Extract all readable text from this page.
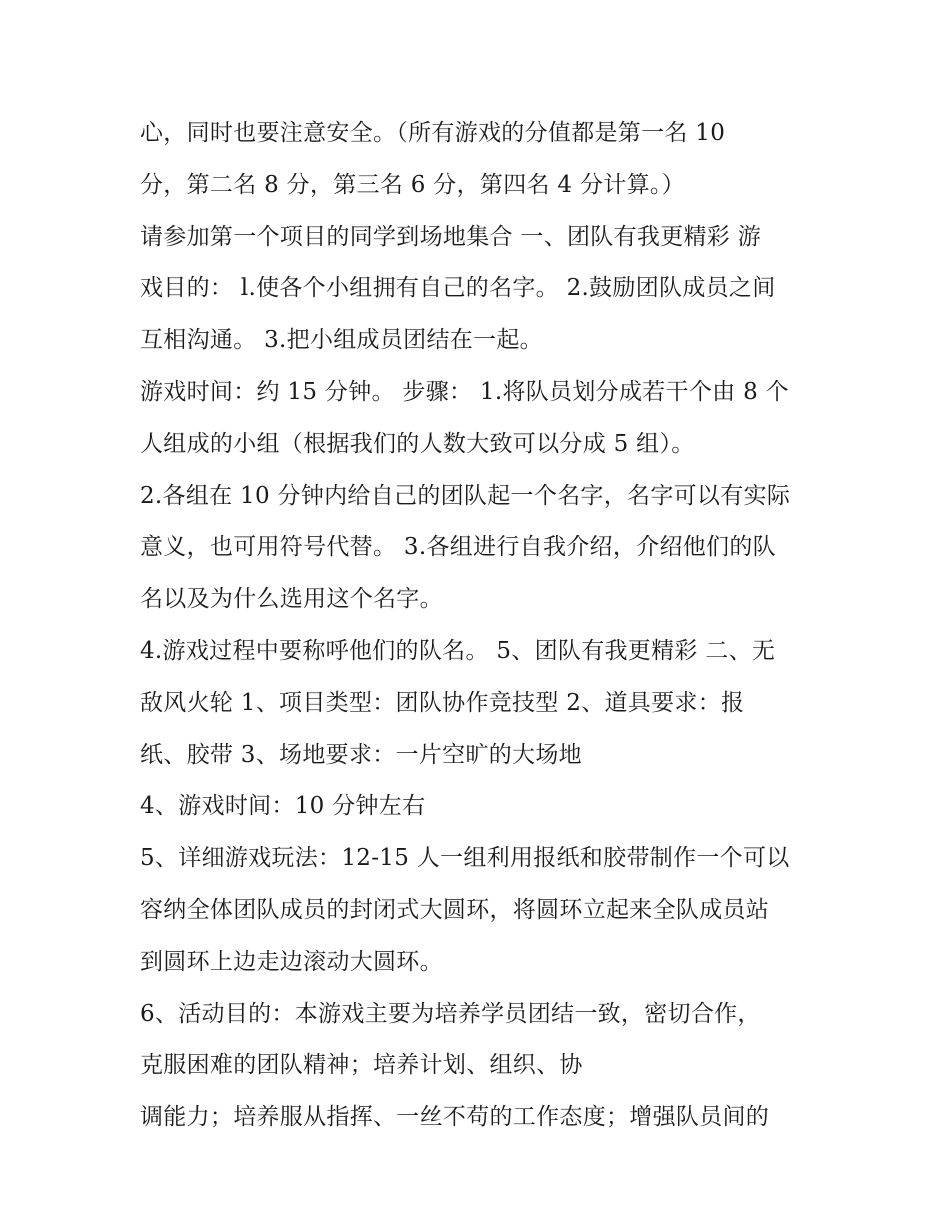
心，同时也要注意安全。（所有游戏的分值都是第一名 10
分，第二名 8 分，第三名 6 分，第四名 4 分计算。）
请参加第一个项目的同学到场地集合 一、团队有我更精彩 游
戏目的： l.使各个小组拥有自己的名字。 2.鼓励团队成员之间
互相沟通。 3.把小组成员团结在一起。
游戏时间：约 15 分钟。 步骤： 1.将队员划分成若干个由 8 个
人组成的小组（根据我们的人数大致可以分成 5 组）。
2.各组在 10 分钟内给自己的团队起一个名字，名字可以有实际
意义，也可用符号代替。 3.各组进行自我介绍，介绍他们的队
名以及为什么选用这个名字。
4.游戏过程中要称呼他们的队名。 5、团队有我更精彩 二、无
敌风火轮 1、项目类型：团队协作竞技型 2、道具要求：报
纸、胶带 3、场地要求：一片空旷的大场地
4、游戏时间：10 分钟左右
5、详细游戏玩法：12-15 人一组利用报纸和胶带制作一个可以
容纳全体团队成员的封闭式大圆环，将圆环立起来全队成员站
到圆环上边走边滚动大圆环。
6、活动目的：本游戏主要为培养学员团结一致，密切合作，
克服困难的团队精神；培养计划、组织、协
调能力；培养服从指挥、一丝不苟的工作态度；增强队员间的
